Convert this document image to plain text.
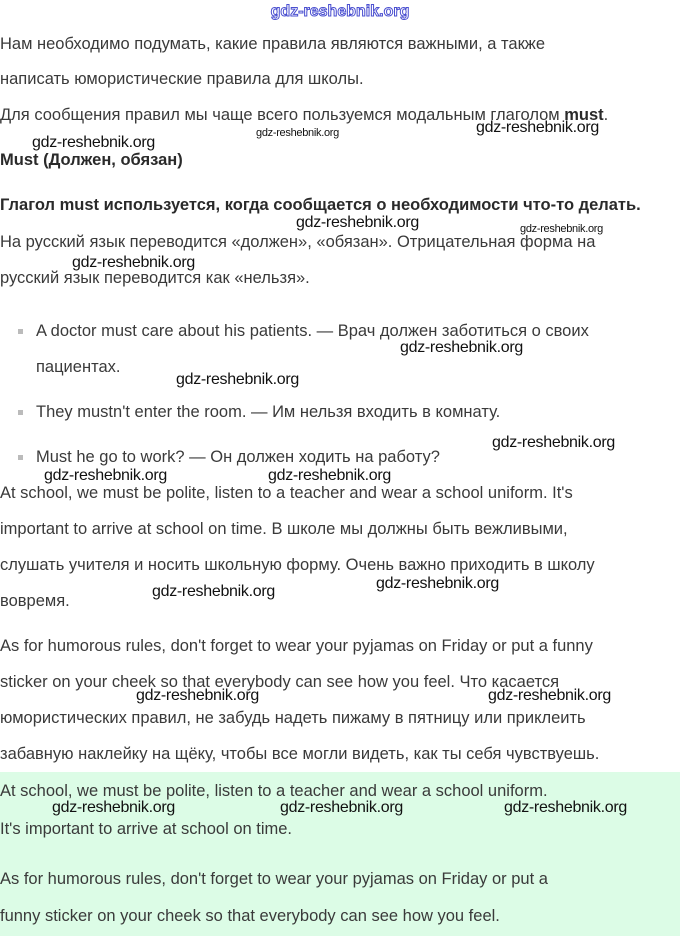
gdz-reshebnik.org
Нам необходимо подумать, какие правила являются важными, а также
написать юмористические правила для школы.
Для сообщения правил мы чаще всего пользуемся модальным глаголом must.
Must (Должен, обязан)
Глагол must используется, когда сообщается о необходимости что-то делать.
На русский язык переводится «должен», «обязан». Отрицательная форма на
русский язык переводится как «нельзя».
A doctor must care about his patients. — Врач должен заботиться о своих
пациентах.
They mustn't enter the room. — Им нельзя входить в комнату.
Must he go to work? — Он должен ходить на работу?
At school, we must be polite, listen to a teacher and wear a school uniform. It's
important to arrive at school on time. В школе мы должны быть вежливыми,
слушать учителя и носить школьную форму. Очень важно приходить в школу
вовремя.
As for humorous rules, don't forget to wear your pyjamas on Friday or put a funny
sticker on your cheek so that everybody can see how you feel. Что касается
юмористических правил, не забудь надеть пижаму в пятницу или приклеить
забавную наклейку на щёку, чтобы все могли видеть, как ты себя чувствуешь.
At school, we must be polite, listen to a teacher and wear a school uniform.
It's important to arrive at school on time.
As for humorous rules, don't forget to wear your pyjamas on Friday or put a
funny sticker on your cheek so that everybody can see how you feel.
gdz-reshebnik.org	gdz-reshebnik.org
gdz-reshebnik.org
gdz-reshebnik.org	gdz-reshebnik.org
gdz-reshebnik.org
gdz-reshebnik.org
gdz-reshebnik.org
gdz-reshebnik.org
gdz-reshebnik.org	gdz-reshebnik.org
gdz-reshebnik.org
gdz-reshebnik.org
gdz-reshebnik.org	gdz-reshebnik.org
gdz-reshebnik.org	gdz-reshebnik.org	gdz-reshebnik.org
